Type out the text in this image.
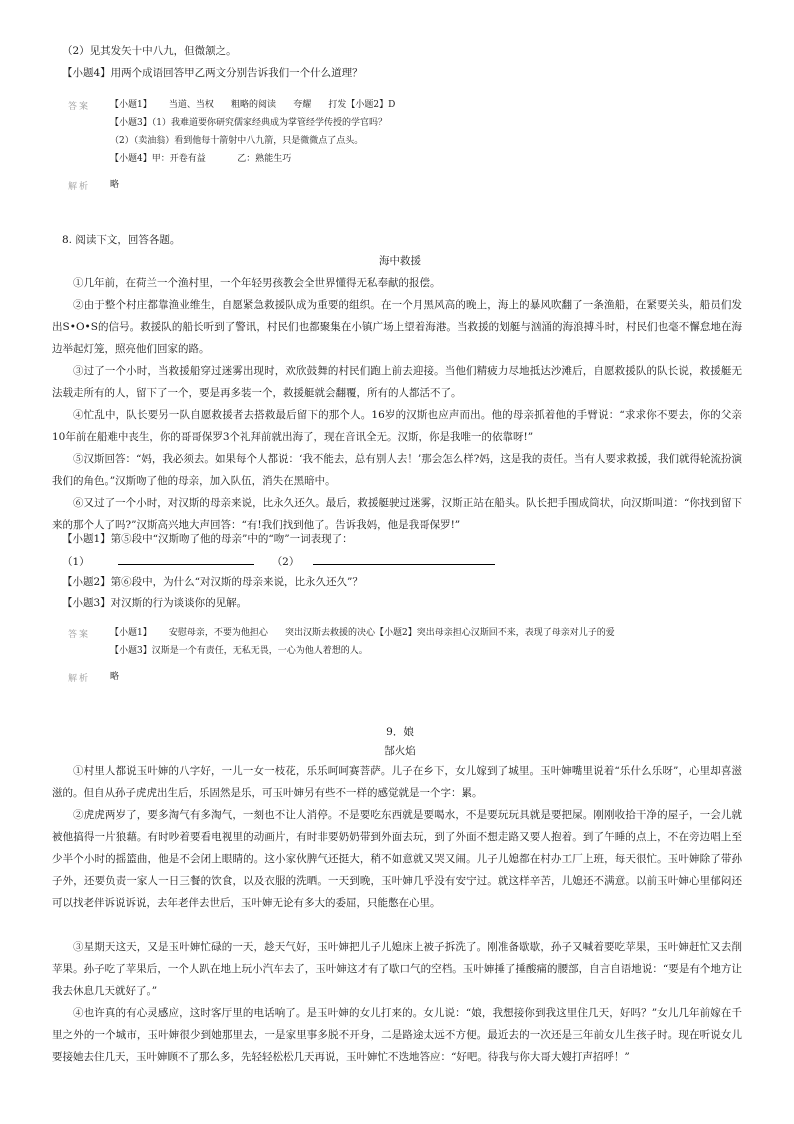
（2）见其发矢十中八九，但微颔之。
【小题4】用两个成语回答甲乙两文分别告诉我们一个什么道理？
答案 【小题1】      当道、当权      粗略的阅读      夸耀      打发【小题2】D
【小题3】（1）我难道要你研究儒家经典成为掌管经学传授的学官吗？
（2）（卖油翁）看到他每十箭射中八九箭，只是微微点了点头。
【小题4】甲：开卷有益           乙：熟能生巧
解析 略
8. 阅读下文，回答各题。
海中救援
①几年前，在荷兰一个渔村里，一个年轻男孩教会全世界懂得无私奉献的报偿。
②由于整个村庄都靠渔业维生，自愿紧急救援队成为重要的组织。在一个月黑风高的晚上，海上的暴风吹翻了一条渔船，在紧要关头，船员们发出S•O•S的信号。救援队的船长听到了警讯，村民们也都聚集在小镇广场上望着海港。当救援的划艇与汹涌的海浪搏斗时，村民们也毫不懈怠地在海边举起灯笼，照亮他们回家的路。
③过了一个小时，当救援船穿过迷雾出现时，欢欣鼓舞的村民们跑上前去迎接。当他们精疲力尽地抵达沙滩后，自愿救援队的队长说，救援艇无法载走所有的人，留下了一个，要是再多装一个，救援艇就会翻覆，所有的人都活不了。
④忙乱中，队长要另一队自愿救援者去搭救最后留下的那个人。16岁的汉斯也应声而出。他的母亲抓着他的手臂说：“求求你不要去，你的父亲10年前在船难中丧生，你的哥哥保罗3个礼拜前就出海了，现在音讯全无。汉斯，你是我唯一的依靠呀!”
⑤汉斯回答：“妈，我必须去。如果每个人都说：‘我不能去，总有别人去！’那会怎么样?妈，这是我的责任。当有人要求救援，我们就得轮流扮演我们的角色。”汉斯吻了他的母亲，加入队伍，消失在黑暗中。
⑥又过了一个小时，对汉斯的母亲来说，比永久还久。最后，救援艇驶过迷雾，汉斯正站在船头。队长把手围成筒状，向汉斯叫道：“你找到留下来的那个人了吗?”汉斯高兴地大声回答：“有!我们找到他了。告诉我妈，他是我哥保罗!”
【小题1】第⑤段中“汉斯吻了他的母亲”中的“吻”一词表现了：
（1）	（2）
【小题2】第⑥段中，为什么“对汉斯的母亲来说，比永久还久”？
【小题3】对汉斯的行为谈谈你的见解。
答案 【小题1】      安慰母亲，不要为他担心      突出汉斯去救援的决心【小题2】突出母亲担心汉斯回不来，表现了母亲对儿子的爱
【小题3】汉斯是一个有责任，无私无畏，一心为他人着想的人。
解析 略
9．娘
郜火焰
①村里人都说玉叶婶的八字好，一儿一女一枝花，乐乐呵呵赛菩萨。儿子在乡下，女儿嫁到了城里。玉叶婶嘴里说着“乐什么乐呀”，心里却喜滋滋的。但自从孙子虎虎出生后，乐固然是乐，可玉叶婶另有些不一样的感觉就是一个字：累。
②虎虎两岁了，要多淘气有多淘气，一刻也不让人消停。不是要吃东西就是要喝水，不是要玩玩具就是要把屎。刚刚收拾干净的屋子，一会儿就被他搞得一片狼藉。有时吵着要看电视里的动画片，有时非要奶奶带到外面去玩，到了外面不想走路又要人抱着。到了午睡的点上，不在旁边唱上至少半个小时的摇篮曲，他是不会闭上眼睛的。这小家伙脾气还挺大，稍不如意就又哭又闹。儿子儿媳都在村办工厂上班，每天很忙。玉叶婶除了带孙子外，还要负责一家人一日三餐的饮食，以及衣服的洗晒。一天到晚，玉叶婶几乎没有安宁过。就这样辛苦，儿媳还不满意。以前玉叶婶心里郁闷还可以找老伴诉说诉说，去年老伴去世后，玉叶婶无论有多大的委屈，只能憋在心里。
③星期天这天，又是玉叶婶忙碌的一天，趁天气好，玉叶婶把儿子儿媳床上被子拆洗了。刚准备歇歇，孙子又喊着要吃苹果，玉叶婶赶忙又去削苹果。孙子吃了苹果后，一个人趴在地上玩小汽车去了，玉叶婶这才有了歇口气的空档。玉叶婶捶了捶酸痛的腰部，自言自语地说：“要是有个地方让我去休息几天就好了。”
④也许真的有心灵感应，这时客厅里的电话响了。是玉叶婶的女儿打来的。女儿说：“娘，我想接你到我这里住几天，好吗？”女儿几年前嫁在千里之外的一个城市，玉叶婶很少到她那里去，一是家里事多脱不开身，二是路途太远不方便。最近去的一次还是三年前女儿生孩子时。现在听说女儿要接她去住几天，玉叶婶顾不了那么多，先轻轻松松几天再说，玉叶婶忙不迭地答应：“好吧。待我与你大哥大嫂打声招呼！”
